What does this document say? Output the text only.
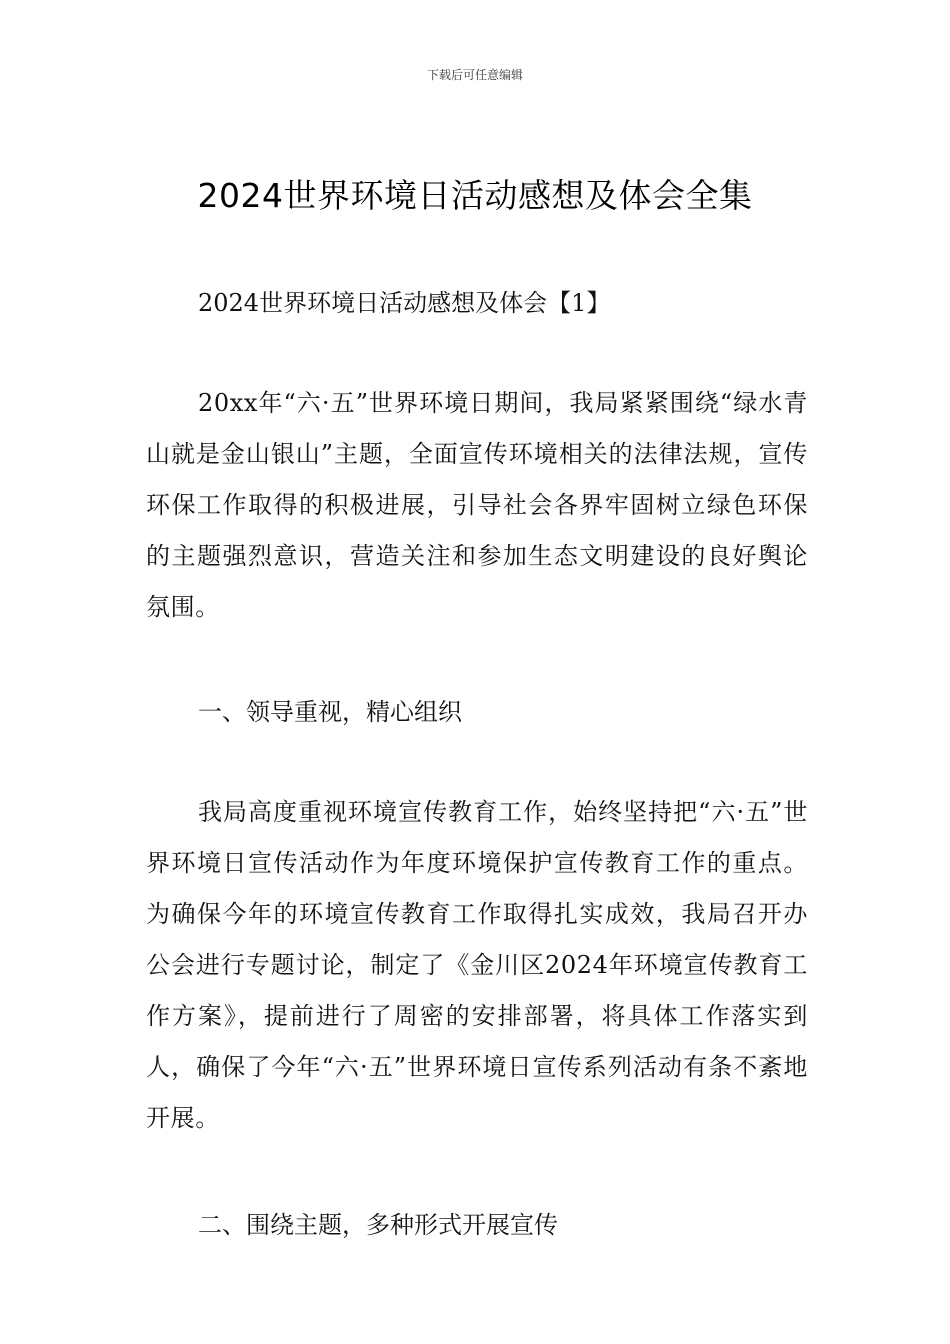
下载后可任意编辑
2024世界环境日活动感想及体会全集

2024世界环境日活动感想及体会【1】

20xx年“六·五”世界环境日期间，我局紧紧围绕“绿水青山就是金山银山”主题，全面宣传环境相关的法律法规，宣传环保工作取得的积极进展，引导社会各界牢固树立绿色环保的主题强烈意识，营造关注和参加生态文明建设的良好舆论氛围。

一、领导重视，精心组织

我局高度重视环境宣传教育工作，始终坚持把“六·五”世界环境日宣传活动作为年度环境保护宣传教育工作的重点。为确保今年的环境宣传教育工作取得扎实成效，我局召开办公会进行专题讨论，制定了《金川区2024年环境宣传教育工作方案》，提前进行了周密的安排部署，将具体工作落实到人，确保了今年“六·五”世界环境日宣传系列活动有条不紊地开展。

二、围绕主题，多种形式开展宣传
